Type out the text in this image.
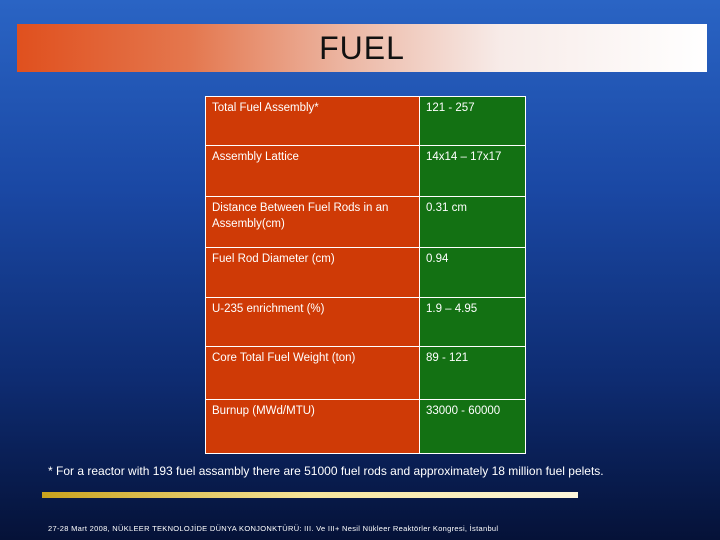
FUEL
Total Fuel Assembly*	121 - 257
Assembly Lattice	14x14 – 17x17
Distance Between Fuel Rods in an Assembly(cm)	0.31 cm
Fuel Rod Diameter (cm)	0.94
U-235 enrichment (%)	1.9 – 4.95
Core Total Fuel Weight (ton)	89 - 121
Burnup (MWd/MTU)	33000 - 60000
* For a reactor with 193 fuel assambly there are 51000 fuel rods and approximately 18 million fuel pelets.
27-28 Mart 2008, NÜKLEER TEKNOLOJİDE DÜNYA KONJONKTÜRÜ: III. Ve III+ Nesil Nükleer Reaktörler Kongresi, İstanbul
